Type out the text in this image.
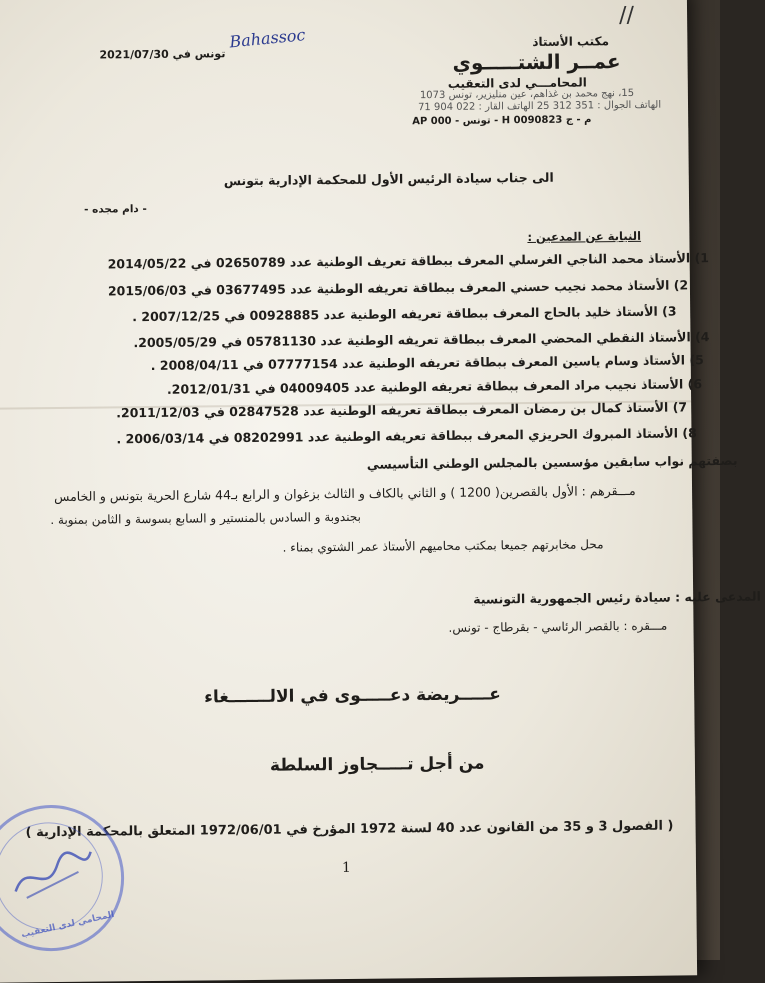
//
Bahassoc	مكتب الأستاذ
عمــر الشتـــــوي
المحامـــي لدى التعقيب
15، نهج محمد بن غذاهم، عين منليزير، تونس 1073
الهاتف الجوال : 351 312 25 الهاتف القار : 022 904 71
م - ج 0090823 H - تونس - AP 000
تونس في 2021/07/30
الى جناب سيادة الرئيس الأول للمحكمة الإدارية بتونس
- دام مجده -
النيابة عن المدعين :
1) الأستاذ محمد الناجي الغرسلي المعرف ببطاقة تعريف الوطنية عدد 02650789 في 2014/05/22
2) الأستاذ محمد نجيب حسني المعرف ببطاقة تعريفه الوطنية عدد 03677495 في 2015/06/03
3) الأستاذ خليد بالحاج المعرف ببطاقة تعريفه الوطنية عدد 00928885 في 2007/12/25 .
4) الأستاذ النقطي المحضي المعرف ببطاقة تعريفه الوطنية عدد 05781130 في 2005/05/29.
5) الأستاذ وسام ياسين المعرف ببطاقة تعريفه الوطنية عدد 07777154 في 2008/04/11 .
6) الأستاذ نجيب مراد المعرف ببطاقة تعريفه الوطنية عدد 04009405 في 2012/01/31.
7) الأستاذ كمال بن رمضان المعرف ببطاقة تعريفه الوطنية عدد 02847528 في 2011/12/03.
8) الأستاذ المبروك الحريزي المعرف ببطاقة تعريفه الوطنية عدد 08202991 في 2006/03/14 .
بصفتهم نواب سابقين مؤسسين بالمجلس الوطني التأسيسي
مـــقرهم : الأول بالقصرين( 1200 ) و الثاني بالكاف و الثالث بزغوان و الرابع بـ44 شارع الحرية بتونس و الخامس
بجندوبة و السادس بالمنستير و السابع بسوسة و الثامن بمنوبة .
محل مخابرتهم جميعا بمكتب محاميهم الأستاذ عمر الشتوي بمناء .
المدعى عليه : سيادة رئيس الجمهورية التونسية
مـــقره : بالقصر الرئاسي - بقرطاج - تونس.
عـــــريضة دعـــــوى في الالـــــــغاء
من أجل تـــــجاوز السلطة
( الفصول 3 و 35 من القانون عدد 40 لسنة 1972 المؤرخ في 1972/06/01 المتعلق بالمحكمة الإدارية )
1
المحامي لدى التعقيب
